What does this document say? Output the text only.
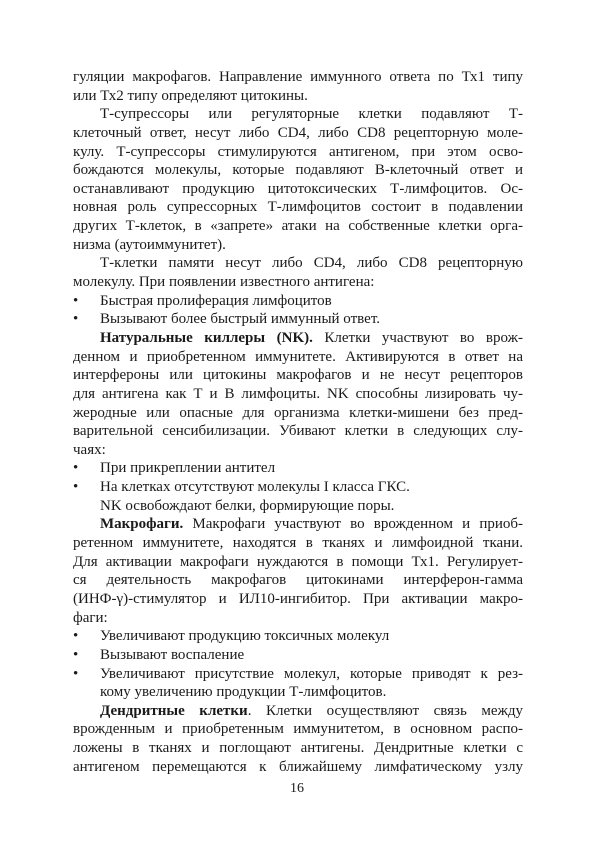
гуляции макрофагов. Направление иммунного ответа по Тх1 типу
или Тх2 типу определяют цитокины.
Т-супрессоры или регуляторные клетки подавляют Т-
клеточный ответ, несут либо CD4, либо CD8 рецепторную моле-
кулу. Т-супрессоры стимулируются антигеном, при этом осво-
бождаются молекулы, которые подавляют В-клеточный ответ и
останавливают продукцию цитотоксических Т-лимфоцитов. Ос-
новная роль супрессорных Т-лимфоцитов состоит в подавлении
других Т-клеток, в «запрете» атаки на собственные клетки орга-
низма (аутоиммунитет).
Т-клетки памяти несут либо CD4, либо CD8 рецепторную
молекулу. При появлении известного антигена:
• Быстрая пролиферация лимфоцитов
• Вызывают более быстрый иммунный ответ.
Натуральные киллеры (NK). Клетки участвуют во врож-
денном и приобретенном иммунитете. Активируются в ответ на
интерфероны или цитокины макрофагов и не несут рецепторов
для антигена как Т и В лимфоциты. NK способны лизировать чу-
жеродные или опасные для организма клетки-мишени без пред-
варительной сенсибилизации. Убивают клетки в следующих слу-
чаях:
• При прикреплении антител
• На клетках отсутствуют молекулы I класса ГКС.
NK освобождают белки, формирующие поры.
Макрофаги. Макрофаги участвуют во врожденном и приоб-
ретенном иммунитете, находятся в тканях и лимфоидной ткани.
Для активации макрофаги нуждаются в помощи Тх1. Регулирует-
ся деятельность макрофагов цитокинами интерферон-гамма
(ИНФ-γ)-стимулятор и ИЛ10-ингибитор. При активации макро-
фаги:
• Увеличивают продукцию токсичных молекул
• Вызывают воспаление
• Увеличивают присутствие молекул, которые приводят к рез-
кому увеличению продукции Т-лимфоцитов.
Дендритные клетки. Клетки осуществляют связь между
врожденным и приобретенным иммунитетом, в основном распо-
ложены в тканях и поглощают антигены. Дендритные клетки с
антигеном перемещаются к ближайшему лимфатическому узлу
16
